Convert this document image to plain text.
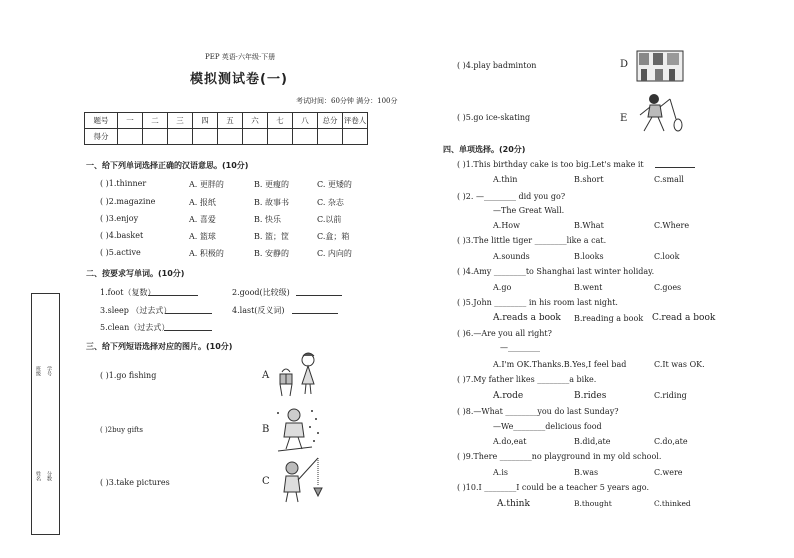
PEP 英语·六年级·下册
模拟测试卷(一)
考试时间：60分钟 满分：100分
题号	一	二	三	四	五	六	七	八	总分	评卷人
得分										
班级 学号
姓名 分数
一、给下列单词选择正确的汉语意思。(10分)
( )1.thinner	A. 更胖的	B. 更瘦的	C. 更矮的
( )2.magazine	A. 报纸	B. 故事书	C. 杂志
( )3.enjoy	A. 喜爱	B. 快乐	C.以前
( )4.basket	A. 篮球	B. 篮；筐	C.盒；箱
( )5.active	A. 积极的	B. 安静的	C. 内向的
二、按要求写单词。(10分)
1.foot（复数）	2.good(比较级)
3.sleep （过去式）	4.last(反义词)
5.clean（过去式）
三、给下列短语选择对应的图片。(10分)
( )1.go fishing	A
( )2buy gifts	B
( )3.take pictures	C
( )4.play badminton	D
( )5.go ice-skating	E
四、单项选择。(20分)
( )1.This birthday cake is too big.Let's make it
A.thin	B.short	C.small
( )2. —________ did you go?
—The Great Wall.
A.How	B.What	C.Where
( )3.The little tiger ________like a cat.
A.sounds	B.looks	C.look
( )4.Amy ________to Shanghai last winter holiday.
A.go	B.went	C.goes
( )5.John ________ in his room last night.
A.reads a book B.reading a book C.read a book
( )6.—Are you all right?
—________
A.I'm OK.Thanks.B.Yes,I feel bad	C.It was OK.
( )7.My father likes ________a bike.
A.rode	B.rides	C.riding
( )8.—What ________you do last Sunday?
—We________delicious food
A.do,eat	B.did,ate	C.do,ate
( )9.There ________no playground in my old school.
A.is	B.was	C.were
( )10.I ________I could be a teacher 5 years ago.
A.think	B.thought	C.thinked
